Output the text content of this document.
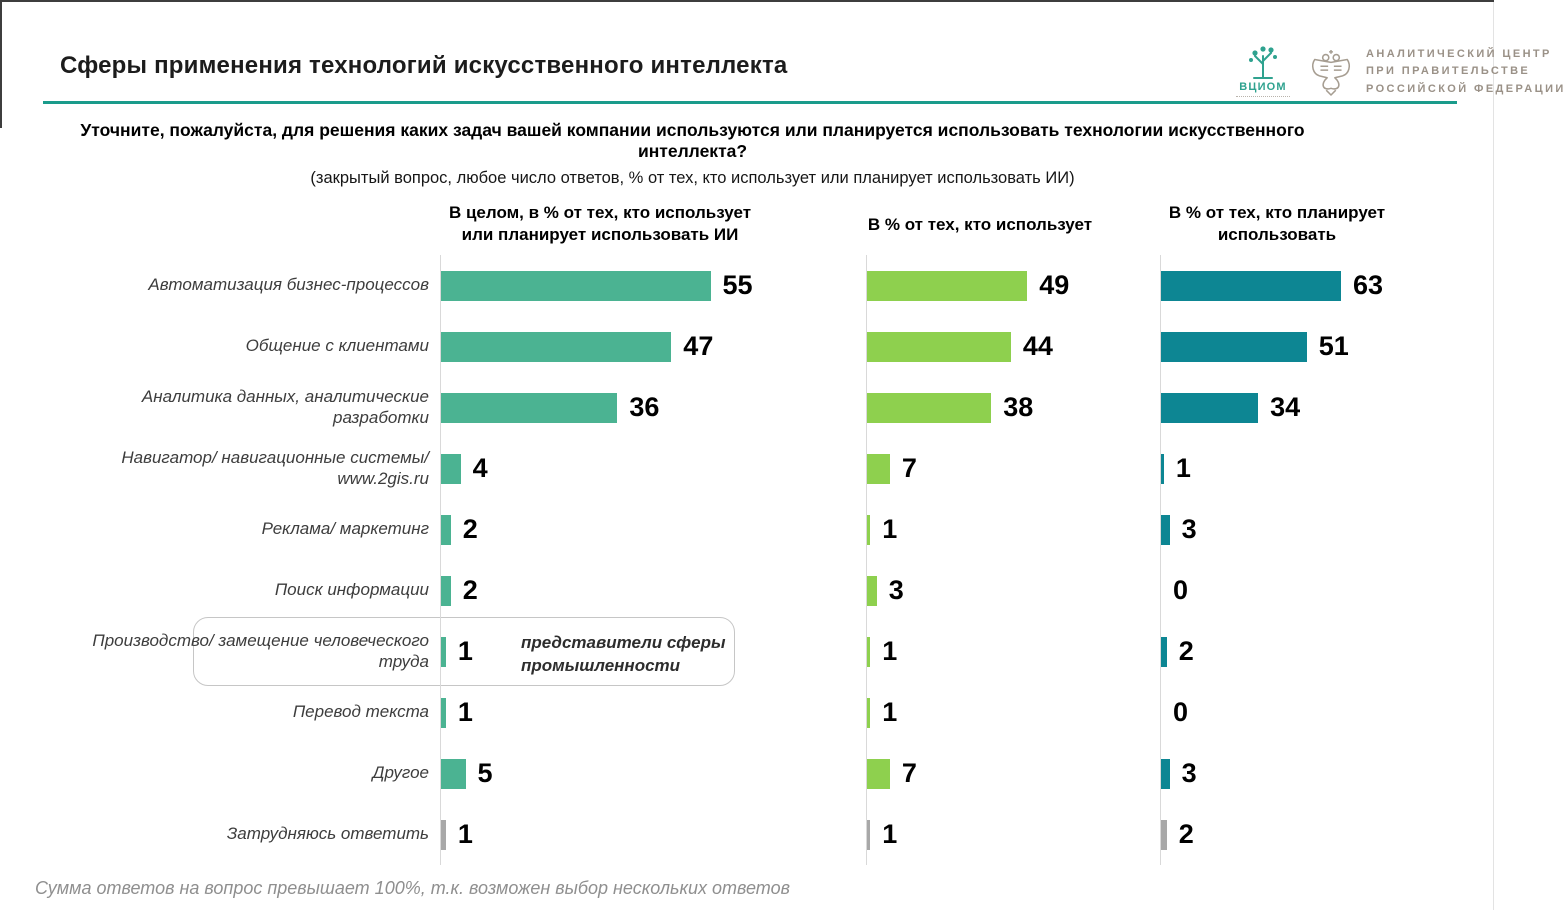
Сферы применения технологий искусственного интеллекта
ВЦИОМ
АНАЛИТИЧЕСКИЙ ЦЕНТР
ПРИ ПРАВИТЕЛЬСТВЕ
РОССИЙСКОЙ ФЕДЕРАЦИИ
Уточните, пожалуйста, для решения каких задач вашей компании используются или планируется использовать технологии искусственного интеллекта?
(закрытый вопрос, любое число ответов, % от тех, кто использует или планирует использовать ИИ)
В целом, в % от тех, кто использует или планирует использовать ИИ
В % от тех, кто использует
В % от тех, кто планирует использовать
Автоматизация бизнес-процессов	55	49	63
Общение с клиентами	47	44	51
Аналитика данных, аналитические разработки	36	38	34
Навигатор/ навигационные системы/ www.2gis.ru	4	7	1
Реклама/ маркетинг	2	1	3
Поиск информации	2	3	0
Производство/ замещение человеческого труда	1	1	2
Перевод текста	1	1	0
Другое	5	7	3
Затрудняюсь ответить	1	1	2
представители сферы промышленности
Сумма ответов на вопрос превышает 100%, т.к. возможен выбор нескольких ответов
